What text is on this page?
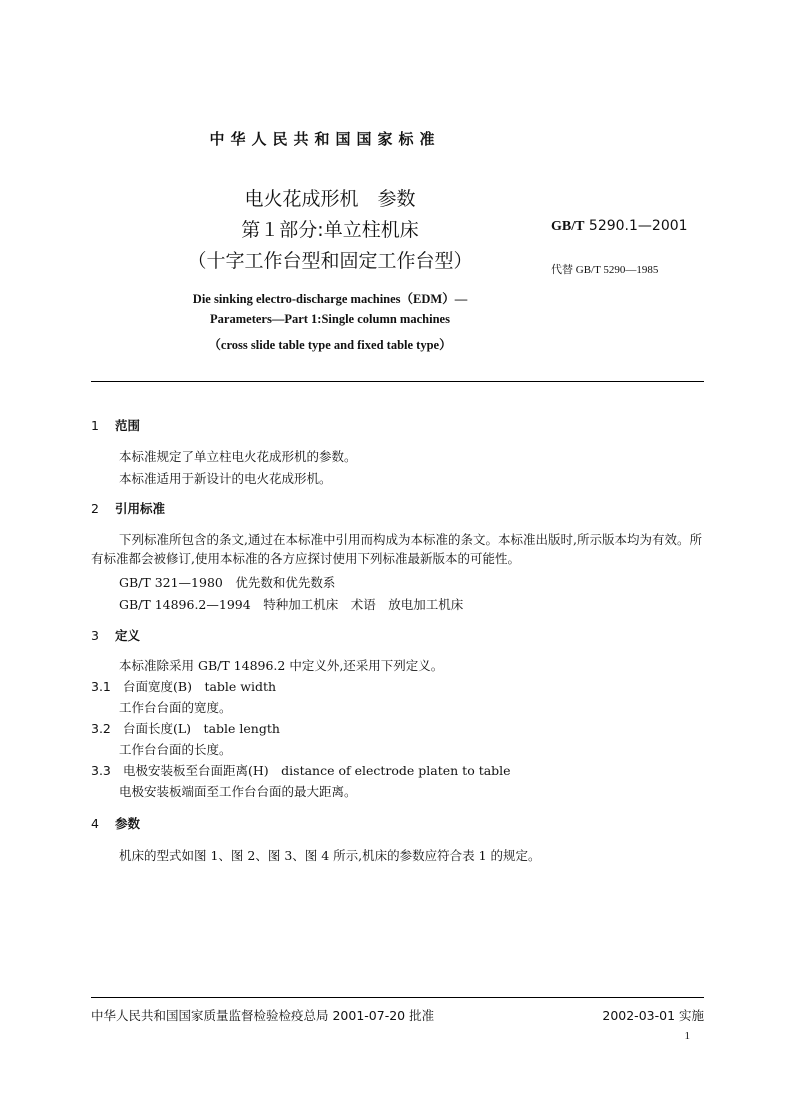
中华人民共和国国家标准
电火花成形机　参数
第１部分:单立柱机床
（十字工作台型和固定工作台型）
GB/T 5290.1—2001
代替 GB/T 5290—1985
Die sinking electro-discharge machines（EDM）—
Parameters—Part 1:Single column machines
（cross slide table type and fixed table type）
1 范围
本标准规定了单立柱电火花成形机的参数。
本标准适用于新设计的电火花成形机。
2 引用标准
下列标准所包含的条文,通过在本标准中引用而构成为本标准的条文。本标准出版时,所示版本均为有效。所有标准都会被修订,使用本标准的各方应探讨使用下列标准最新版本的可能性。
GB/T 321—1980　优先数和优先数系
GB/T 14896.2—1994　特种加工机床　术语　放电加工机床
3 定义
本标准除采用 GB/T 14896.2 中定义外,还采用下列定义。
3.1 台面宽度(B)　table width
工作台台面的宽度。
3.2 台面长度(L)　table length
工作台台面的长度。
3.3 电极安装板至台面距离(H)　distance of electrode platen to table
电极安装板端面至工作台台面的最大距离。
4 参数
机床的型式如图 1、图 2、图 3、图 4 所示,机床的参数应符合表 1 的规定。
中华人民共和国国家质量监督检验检疫总局 2001-07-20 批准	2002-03-01 实施
1
